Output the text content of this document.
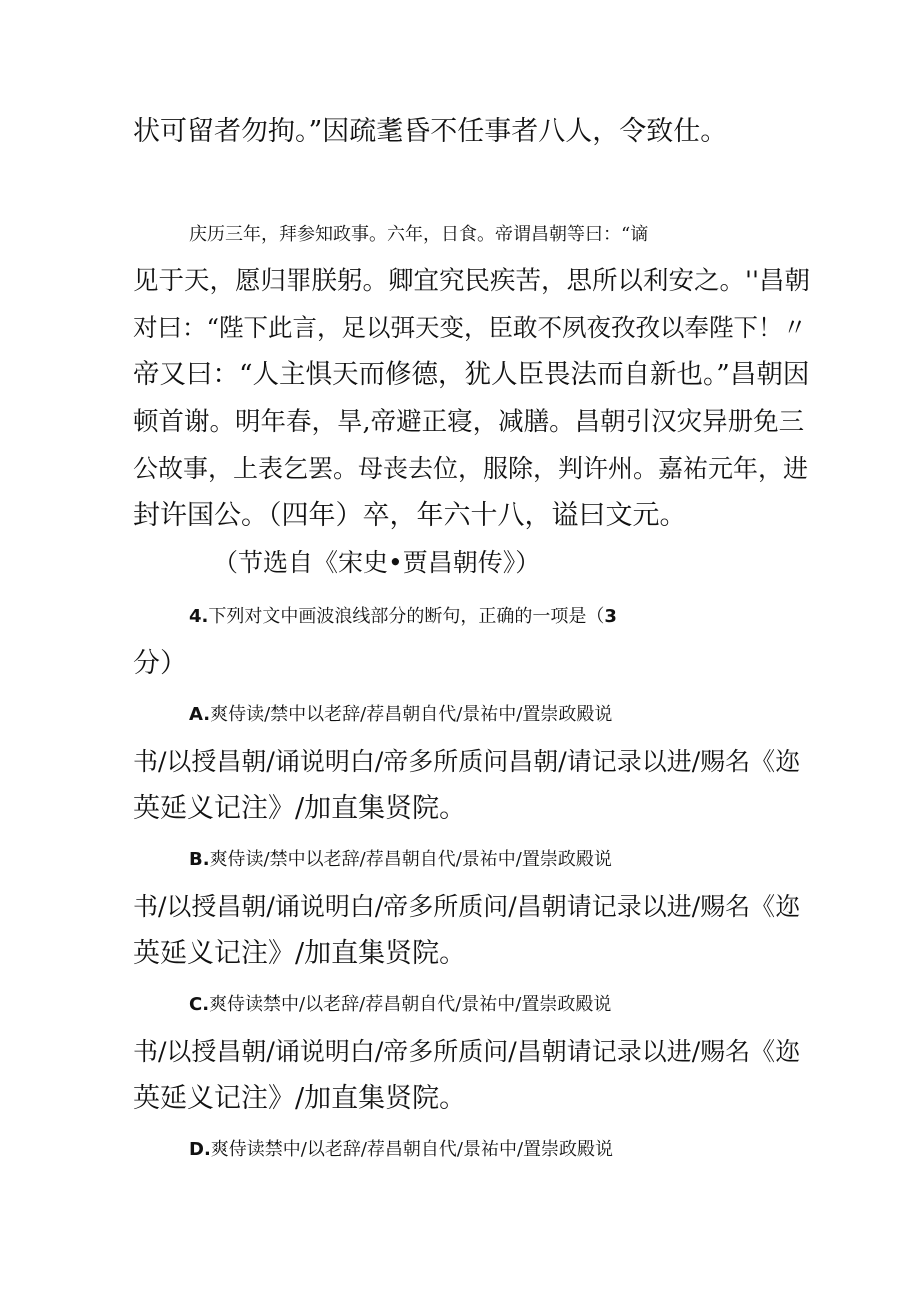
状可留者勿拘。”因疏耄昏不任事者八人，令致仕。
庆历三年，拜参知政事。六年，日食。帝谓昌朝等曰：“谪
见于天，愿归罪朕躬。卿宜究民疾苦，思所以利安之。''昌朝
对曰：“陛下此言，足以弭天变，臣敢不夙夜孜孜以奉陛下！〃
帝又曰：“人主惧天而修德，犹人臣畏法而自新也。”昌朝因
顿首谢。明年春，旱,帝避正寝，减膳。昌朝引汉灾异册免三
公故事，上表乞罢。母丧去位，服除，判许州。嘉祐元年，进
封许国公。（四年）卒，年六十八，谥曰文元。
（节选自《宋史•贾昌朝传》）
4.下列对文中画波浪线部分的断句，正确的一项是（3
分）
A.爽侍读/禁中以老辞/荐昌朝自代/景祐中/置崇政殿说
书/以授昌朝/诵说明白/帝多所质问昌朝/请记录以进/赐名《迩
英延义记注》/加直集贤院。
B.爽侍读/禁中以老辞/荐昌朝自代/景祐中/置崇政殿说
书/以授昌朝/诵说明白/帝多所质问/昌朝请记录以进/赐名《迩
英延义记注》/加直集贤院。
C.爽侍读禁中/以老辞/荐昌朝自代/景祐中/置崇政殿说
书/以授昌朝/诵说明白/帝多所质问/昌朝请记录以进/赐名《迩
英延义记注》/加直集贤院。
D.爽侍读禁中/以老辞/荐昌朝自代/景祐中/置崇政殿说
